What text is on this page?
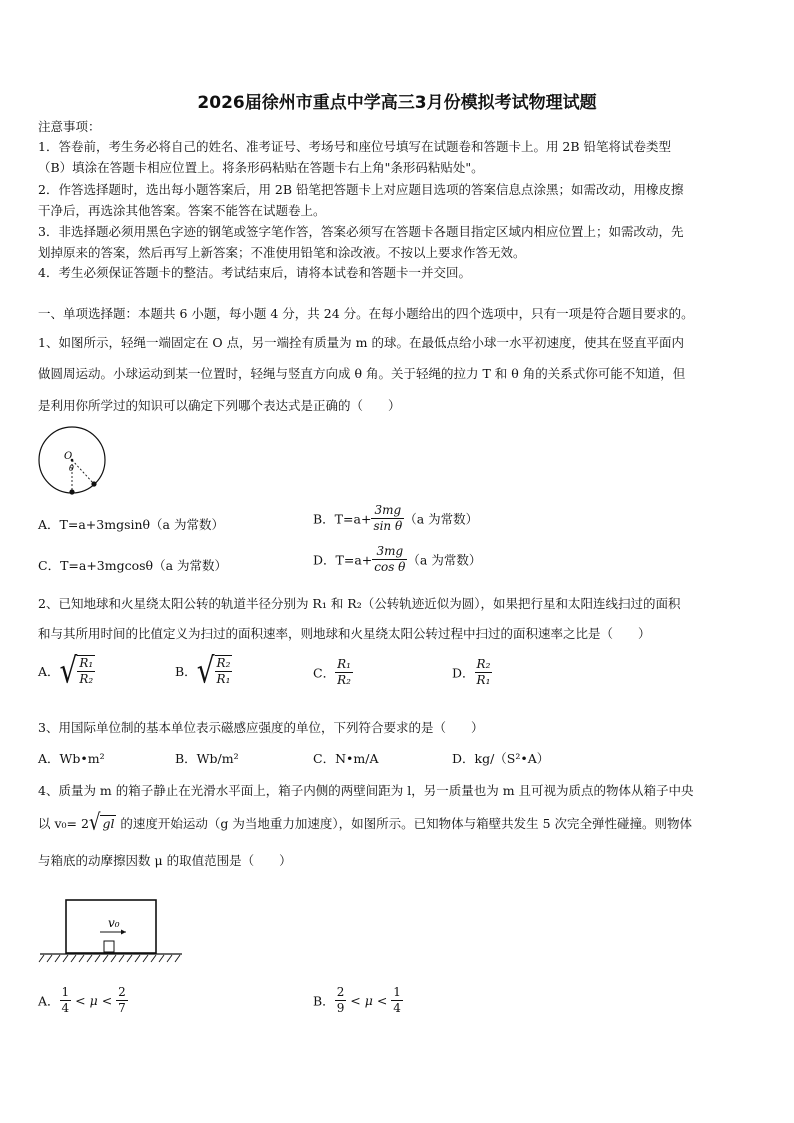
2026届徐州市重点中学高三3月份模拟考试物理试题
注意事项：
1．答卷前，考生务必将自己的姓名、准考证号、考场号和座位号填写在试题卷和答题卡上。用 2B 铅笔将试卷类型
（B）填涂在答题卡相应位置上。将条形码粘贴在答题卡右上角"条形码粘贴处"。
2．作答选择题时，选出每小题答案后，用 2B 铅笔把答题卡上对应题目选项的答案信息点涂黑；如需改动，用橡皮擦
干净后，再选涂其他答案。答案不能答在试题卷上。
3．非选择题必须用黑色字迹的钢笔或签字笔作答，答案必须写在答题卡各题目指定区域内相应位置上；如需改动，先
划掉原来的答案，然后再写上新答案；不准使用铅笔和涂改液。不按以上要求作答无效。
4．考生必须保证答题卡的整洁。考试结束后，请将本试卷和答题卡一并交回。
一、单项选择题：本题共 6 小题，每小题 4 分，共 24 分。在每小题给出的四个选项中，只有一项是符合题目要求的。
1、如图所示，轻绳一端固定在 O 点，另一端拴有质量为 m 的球。在最低点给小球一水平初速度，使其在竖直平面内
做圆周运动。小球运动到某一位置时，轻绳与竖直方向成 θ 角。关于轻绳的拉力 T 和 θ 角的关系式你可能不知道，但
是利用你所学过的知识可以确定下列哪个表达式是正确的（　　）
O
θ
A．T=a+3mgsinθ（a 为常数）	B．$T=a+ \frac{3mg}{\text{sin θ}} (a$ 为常数）
C．T=a+3mgcosθ（a 为常数）	D．$T=a+ \frac{3mg}{\text{cos θ}} (a$ 为常数）
2、已知地球和火星绕太阳公转的轨道半径分别为 R₁ 和 R₂（公转轨迹近似为圆），如果把行星和太阳连线扫过的面积
和与其所用时间的比值定义为扫过的面积速率，则地球和火星绕太阳公转过程中扫过的面积速率之比是（　　）
A．√ $\frac{\text{R₁}}{\text{R₂}}$	B．√ $\frac{\text{R₂}}{\text{R₁}}$	C． $\frac{\text{R₁}}{\text{R₂}}$	D． $\frac{\text{R₂}}{\text{R₁}}$
3、用国际单位制的基本单位表示磁感应强度的单位，下列符合要求的是（　　）
A．Wb•m²	B．Wb/m²	C．N•m/A	D．kg/（S²•A）
4、质量为 m 的箱子静止在光滑水平面上，箱子内侧的两壁间距为 l，另一质量也为 m 且可视为质点的物体从箱子中央
以 v₀= 2√ gl 的速度开始运动（g 为当地重力加速度），如图所示。已知物体与箱壁共发生 5 次完全弹性碰撞。则物体
与箱底的动摩擦因数 μ 的取值范围是（　　）
v₀
A． $\frac{1}{4} < \mu < \frac{2}{7}$	B． $\frac{2}{9} < \mu < \frac{1}{4}$
